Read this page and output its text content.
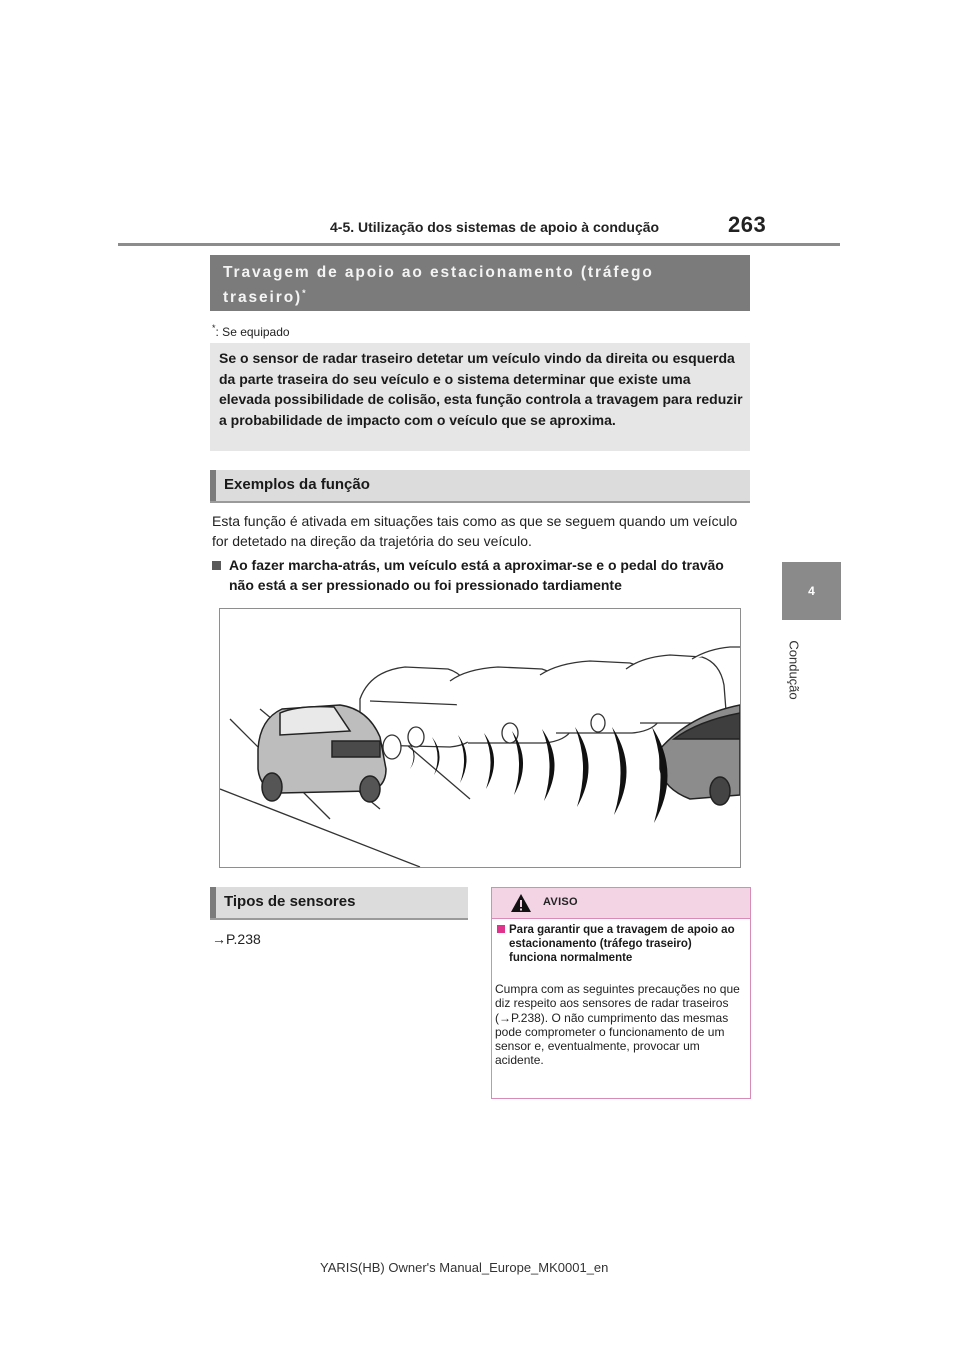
4-5. Utilização dos sistemas de apoio à condução	263
4
Condução
Travagem de apoio ao estacionamento (tráfego traseiro)*
*: Se equipado
Se o sensor de radar traseiro detetar um veículo vindo da direita ou esquerda da parte traseira do seu veículo e o sistema determinar que existe uma elevada possibilidade de colisão, esta função controla a travagem para reduzir a probabilidade de impacto com o veículo que se aproxima.
Exemplos da função
Esta função é ativada em situações tais como as que se seguem quando um veículo for detetado na direção da trajetória do seu veículo.
Ao fazer marcha-atrás, um veículo está a aproximar-se e o pedal do travão não está a ser pressionado ou foi pressionado tardiamente
Tipos de sensores
→P.238
AVISO
Para garantir que a travagem de apoio ao estacionamento (tráfego traseiro) funciona normalmente
Cumpra com as seguintes precauções no que diz respeito aos sensores de radar traseiros (→P.238). O não cumprimento das mesmas pode comprometer o funcionamento de um sensor e, eventualmente, provocar um acidente.
YARIS(HB) Owner's Manual_Europe_MK0001_en
